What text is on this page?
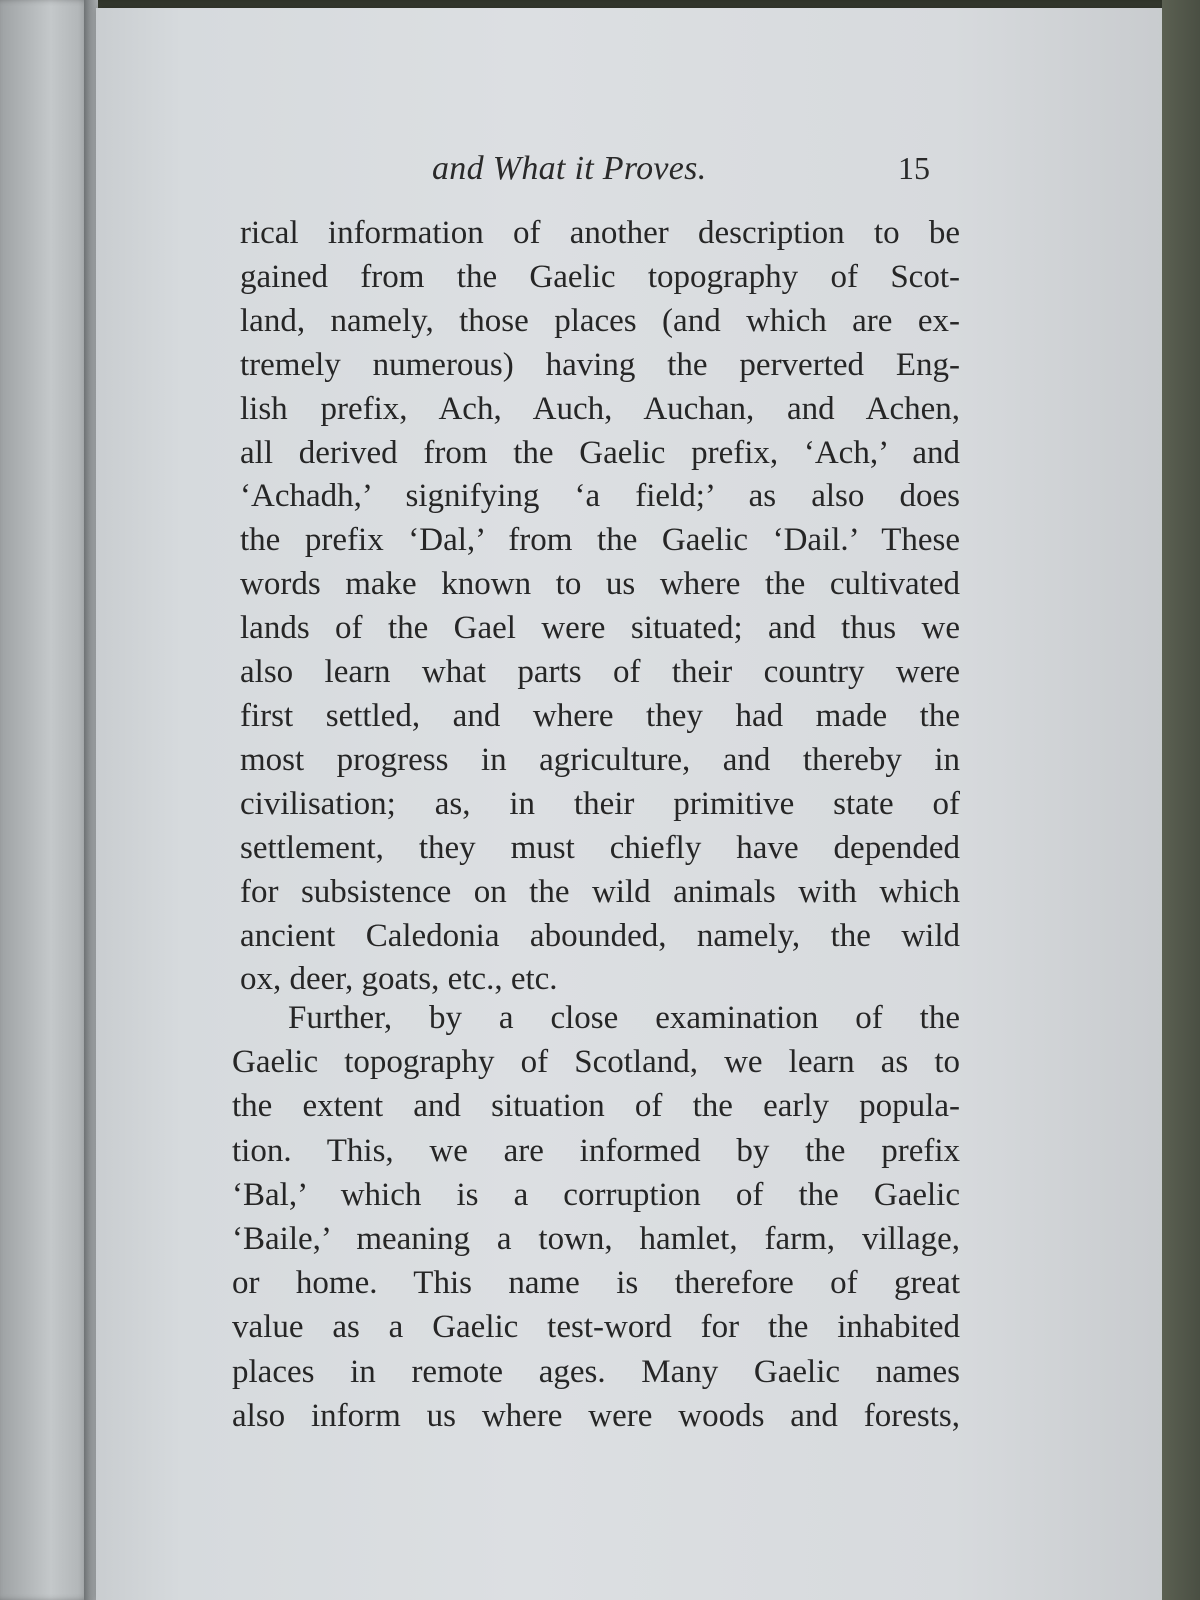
and What it Proves.	15
rical information of another description to be
gained from the Gaelic topography of Scot-
land, namely, those places (and which are ex-
tremely numerous) having the perverted Eng-
lish prefix, Ach, Auch, Auchan, and Achen,
all derived from the Gaelic prefix, ‘Ach,’ and
‘Achadh,’ signifying ‘a field;’ as also does
the prefix ‘Dal,’ from the Gaelic ‘Dail.’ These
words make known to us where the cultivated
lands of the Gael were situated; and thus we
also learn what parts of their country were
first settled, and where they had made the
most progress in agriculture, and thereby in
civilisation; as, in their primitive state of
settlement, they must chiefly have depended
for subsistence on the wild animals with which
ancient Caledonia abounded, namely, the wild
ox, deer, goats, etc., etc.
Further, by a close examination of the
Gaelic topography of Scotland, we learn as to
the extent and situation of the early popula-
tion. This, we are informed by the prefix
‘Bal,’ which is a corruption of the Gaelic
‘Baile,’ meaning a town, hamlet, farm, village,
or home. This name is therefore of great
value as a Gaelic test-word for the inhabited
places in remote ages. Many Gaelic names
also inform us where were woods and forests,
